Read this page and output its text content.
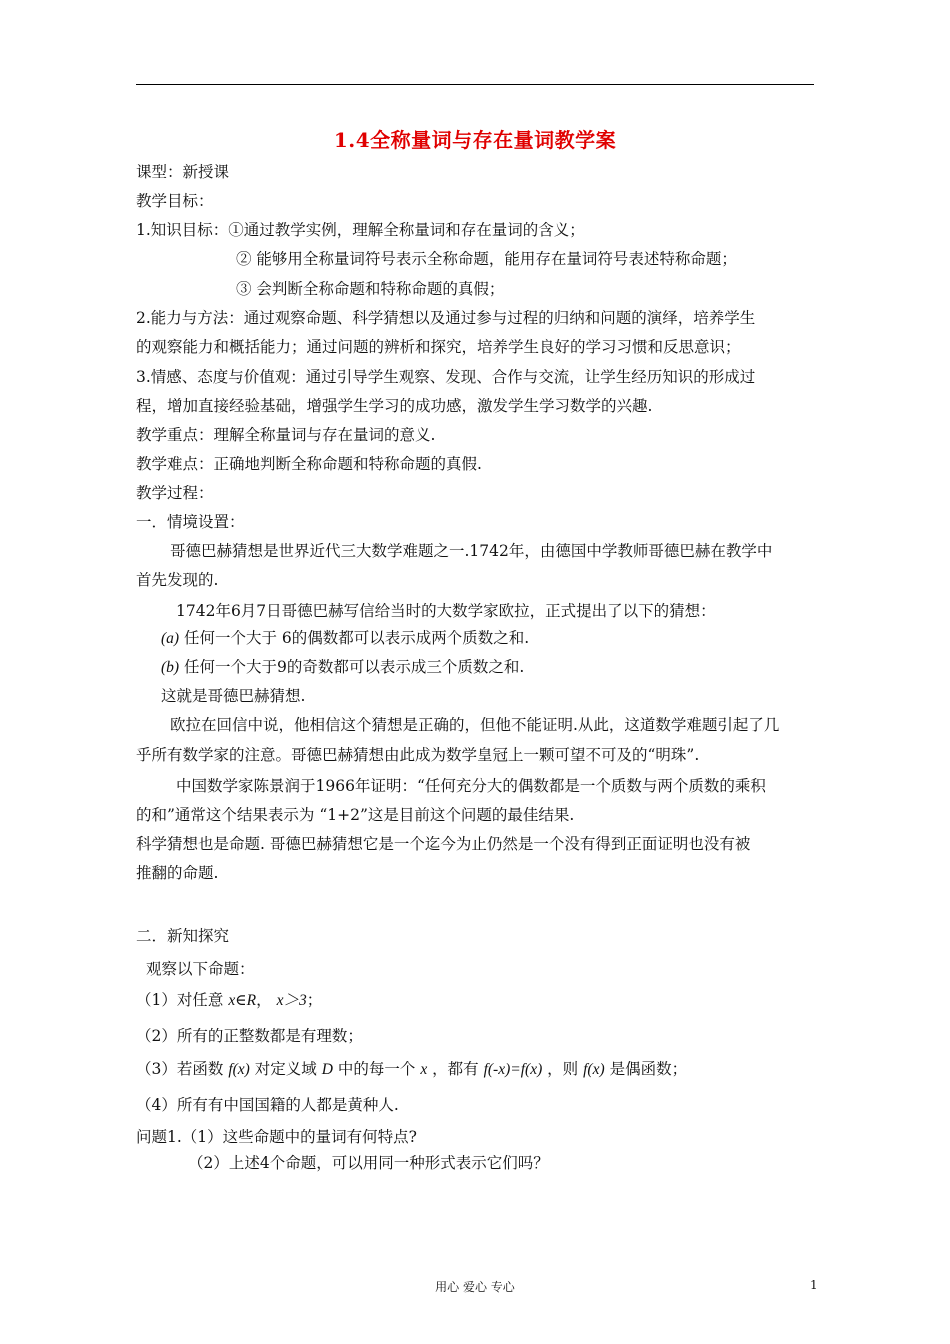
1.4全称量词与存在量词教学案
课型：新授课
教学目标：
1.知识目标：①通过教学实例，理解全称量词和存在量词的含义；
② 能够用全称量词符号表示全称命题，能用存在量词符号表述特称命题；
③ 会判断全称命题和特称命题的真假；
2.能力与方法：通过观察命题、科学猜想以及通过参与过程的归纳和问题的演绎，培养学生
的观察能力和概括能力；通过问题的辨析和探究，培养学生良好的学习习惯和反思意识；
3.情感、态度与价值观：通过引导学生观察、发现、合作与交流，让学生经历知识的形成过
程，增加直接经验基础，增强学生学习的成功感，激发学生学习数学的兴趣.
教学重点：理解全称量词与存在量词的意义.
教学难点：正确地判断全称命题和特称命题的真假.
教学过程：
一．情境设置：
哥德巴赫猜想是世界近代三大数学难题之一.1742年，由德国中学教师哥德巴赫在教学中
首先发现的.
1742年6月7日哥德巴赫写信给当时的大数学家欧拉，正式提出了以下的猜想：
(a) 任何一个大于 6的偶数都可以表示成两个质数之和.
(b) 任何一个大于9的奇数都可以表示成三个质数之和.
这就是哥德巴赫猜想.
欧拉在回信中说，他相信这个猜想是正确的，但他不能证明.从此，这道数学难题引起了几
乎所有数学家的注意。哥德巴赫猜想由此成为数学皇冠上一颗可望不可及的“明珠”.
中国数学家陈景润于1966年证明：“任何充分大的偶数都是一个质数与两个质数的乘积
的和”通常这个结果表示为 “1+2”这是目前这个问题的最佳结果.
科学猜想也是命题. 哥德巴赫猜想它是一个迄今为止仍然是一个没有得到正面证明也没有被
推翻的命题.
二．新知探究
观察以下命题：
（1）对任意 x∈R， x＞3；
（2）所有的正整数都是有理数；
（3）若函数 f(x) 对定义域 D 中的每一个 x ，都有 f(-x)=f(x) ，则 f(x) 是偶函数；
（4）所有有中国国籍的人都是黄种人.
问题1.（1）这些命题中的量词有何特点?
（2）上述4个命题，可以用同一种形式表示它们吗？
用心 爱心 专心	1
